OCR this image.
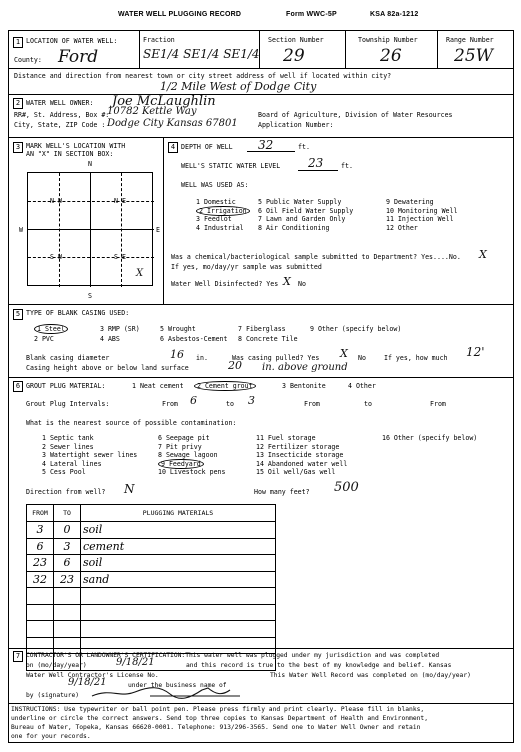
WATER WELL PLUGGING RECORD	Form WWC-5P	KSA 82a-1212
1 LOCATION OF WATER WELL:
County: Ford
Fraction
SE1/4 SE1/4 SE1/4
Section Number
29
Township Number
26
Range Number
25W
Distance and direction from nearest town or city street address of well if located within city?
1/2 Mile West of Dodge City
2 WATER WELL OWNER: Joe McLaughlin
RR#, St. Address, Box #:
10782 Kettle Way
City, State, ZIP Code : Dodge City Kansas 67801
Board of Agriculture, Division of Water Resources
Application Number:
3 MARK WELL'S LOCATION WITH
AN "X" IN SECTION BOX:
N
S
W	E
N W	N E
S W	S E
X
4 DEPTH OF WELL 32	ft.
WELL'S STATIC WATER LEVEL 23	ft.
WELL WAS USED AS:
1 Domestic	5 Public Water Supply	9 Dewatering
2 Irrigation	6 Oil Field Water Supply	10 Monitoring Well
3 Feedlot	7 Lawn and Garden Only	11 Injection Well
4 Industrial 8 Air Conditioning	12 Other
Was a chemical/bacteriological sample submitted to Department? Yes....No. X
If yes, mo/day/yr sample was submitted
Water Well Disinfected? Yes X No
5 TYPE OF BLANK CASING USED:
1 Steel	3 RMP (SR)	5 Wrought	7 Fiberglass	9 Other (specify below)
2 PVC	4 ABS	6 Asbestos-Cement 8 Concrete Tile
Blank casing diameter	16 in.	Was casing pulled? Yes X No	If yes, how much 12'
Casing height above or below land surface	20 in. above ground
6 GROUT PLUG MATERIAL:	1 Neat cement	2 Cement grout	3 Bentonite	4 Other
Grout Plug Intervals:	From 6	to 3	From	to	From
What is the nearest source of possible contamination:
1 Septic tank	6 Seepage pit	11 Fuel storage	16 Other (specify below)
2 Sewer lines	7 Pit privy	12 Fertilizer storage
3 Watertight sewer lines	8 Sewage lagoon	13 Insecticide storage
4 Lateral lines	9 Feedyard	14 Abandoned water well
5 Cess Pool	10 Livestock pens	15 Oil well/Gas well
Direction from well? N	How many feet? 500
FROM	TO	PLUGGING MATERIALS
3	0	soil
6	3	cement
23	6	soil
32	23	sand

7 CONTRACTOR'S OR LANDOWNER'S CERTIFICATION:This water well was plugged under my jurisdiction and was completed
on (mo/day/year)	9/18/21	and this record is true to the best of my knowledge and belief. Kansas
Water Well Contractor's License No.	This Water Well Record was completed on (mo/day/year)
9/18/21	under the business name of
by (signature)
INSTRUCTIONS: Use typewriter or ball point pen. Please press firmly and print clearly. Please fill in blanks,
underline or circle the correct answers. Send top three copies to Kansas Department of Health and Environment,
Bureau of Water, Topeka, Kansas 66620-0001. Telephone: 913/296-3565. Send one to Water Well Owner and retain
one for your records.
